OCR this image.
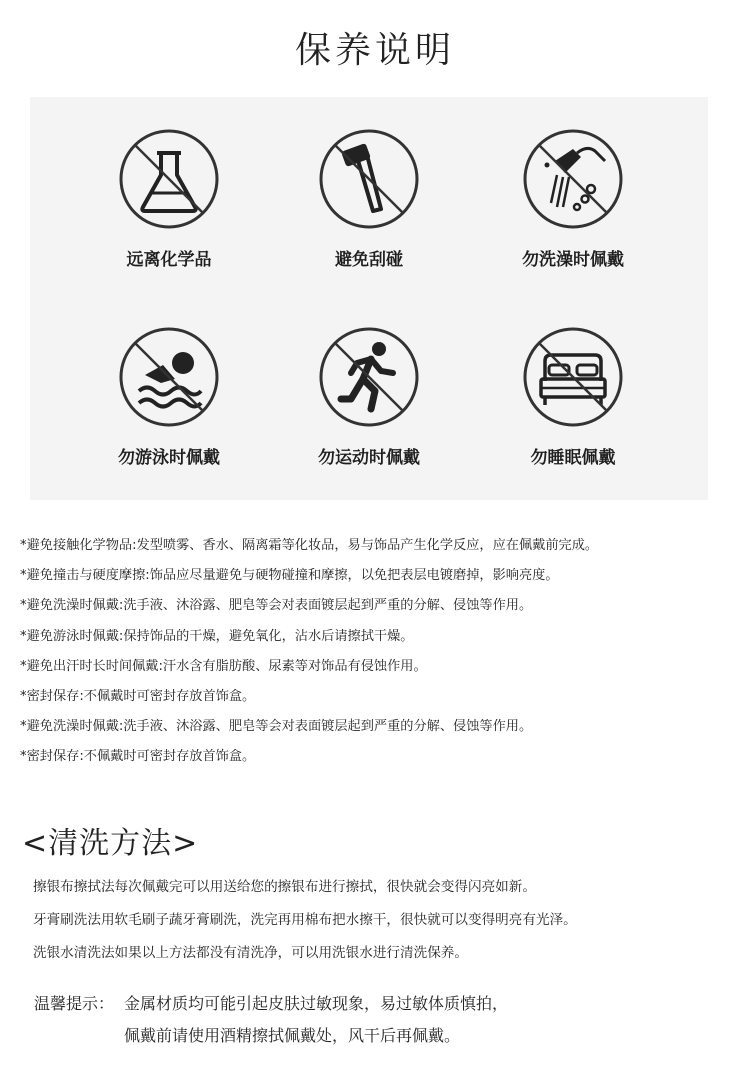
保养说明
远离化学品	避免刮碰	勿洗澡时佩戴
勿游泳时佩戴	勿运动时佩戴	勿睡眠佩戴
*避免接触化学物品:发型喷雾、香水、隔离霜等化妆品，易与饰品产生化学反应，应在佩戴前完成。
*避免撞击与硬度摩擦:饰品应尽量避免与硬物碰撞和摩擦，以免把表层电镀磨掉，影响亮度。
*避免洗澡时佩戴:洗手液、沐浴露、肥皂等会对表面镀层起到严重的分解、侵蚀等作用。
*避免游泳时佩戴:保持饰品的干燥，避免氧化，沾水后请擦拭干燥。
*避免出汗时长时间佩戴:汗水含有脂肪酸、尿素等对饰品有侵蚀作用。
*密封保存:不佩戴时可密封存放首饰盒。
*避免洗澡时佩戴:洗手液、沐浴露、肥皂等会对表面镀层起到严重的分解、侵蚀等作用。
*密封保存:不佩戴时可密封存放首饰盒。
<清洗方法>
擦银布擦拭法每次佩戴完可以用送给您的擦银布进行擦拭，很快就会变得闪亮如新。
牙膏刷洗法用软毛刷子蔬牙膏刷洗，洗完再用棉布把水擦干，很快就可以变得明亮有光泽。
洗银水清洗法如果以上方法都没有清洗净，可以用洗银水进行清洗保养。
温馨提示： 金属材质均可能引起皮肤过敏现象，易过敏体质慎拍，
佩戴前请使用酒精擦拭佩戴处，风干后再佩戴。
